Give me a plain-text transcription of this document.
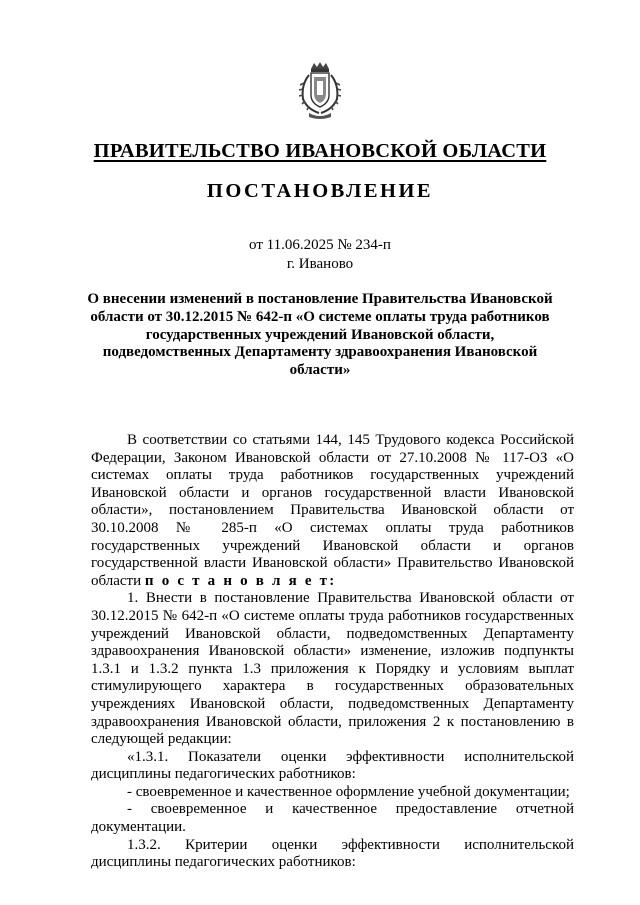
ПРАВИТЕЛЬСТВО ИВАНОВСКОЙ ОБЛАСТИ
ПОСТАНОВЛЕНИЕ
от 11.06.2025 № 234-п
г. Иваново
О внесении изменений в постановление Правительства Ивановской области от 30.12.2015 № 642-п «О системе оплаты труда работников государственных учреждений Ивановской области, подведомственных Департаменту здравоохранения Ивановской области»

В соответствии со статьями 144, 145 Трудового кодекса Российской Федерации, Законом Ивановской области от 27.10.2008 № 117-ОЗ «О системах оплаты труда работников государственных учреждений Ивановской области и органов государственной власти Ивановской области», постановлением Правительства Ивановской области от 30.10.2008 № 285-п «О системах оплаты труда работников государственных учреждений Ивановской области и органов государственной власти Ивановской области» Правительство Ивановской области п о с т а н о в л я е т:

1. Внести в постановление Правительства Ивановской области от 30.12.2015 № 642-п «О системе оплаты труда работников государственных учреждений Ивановской области, подведомственных Департаменту здравоохранения Ивановской области» изменение, изложив подпункты 1.3.1 и 1.3.2 пункта 1.3 приложения к Порядку и условиям выплат стимулирующего характера в государственных образовательных учреждениях Ивановской области, подведомственных Департаменту здравоохранения Ивановской области, приложения 2 к постановлению в следующей редакции:

«1.3.1. Показатели оценки эффективности исполнительской дисциплины педагогических работников:

- своевременное и качественное оформление учебной документации;

- своевременное и качественное предоставление отчетной документации.

1.3.2. Критерии оценки эффективности исполнительской дисциплины педагогических работников:
